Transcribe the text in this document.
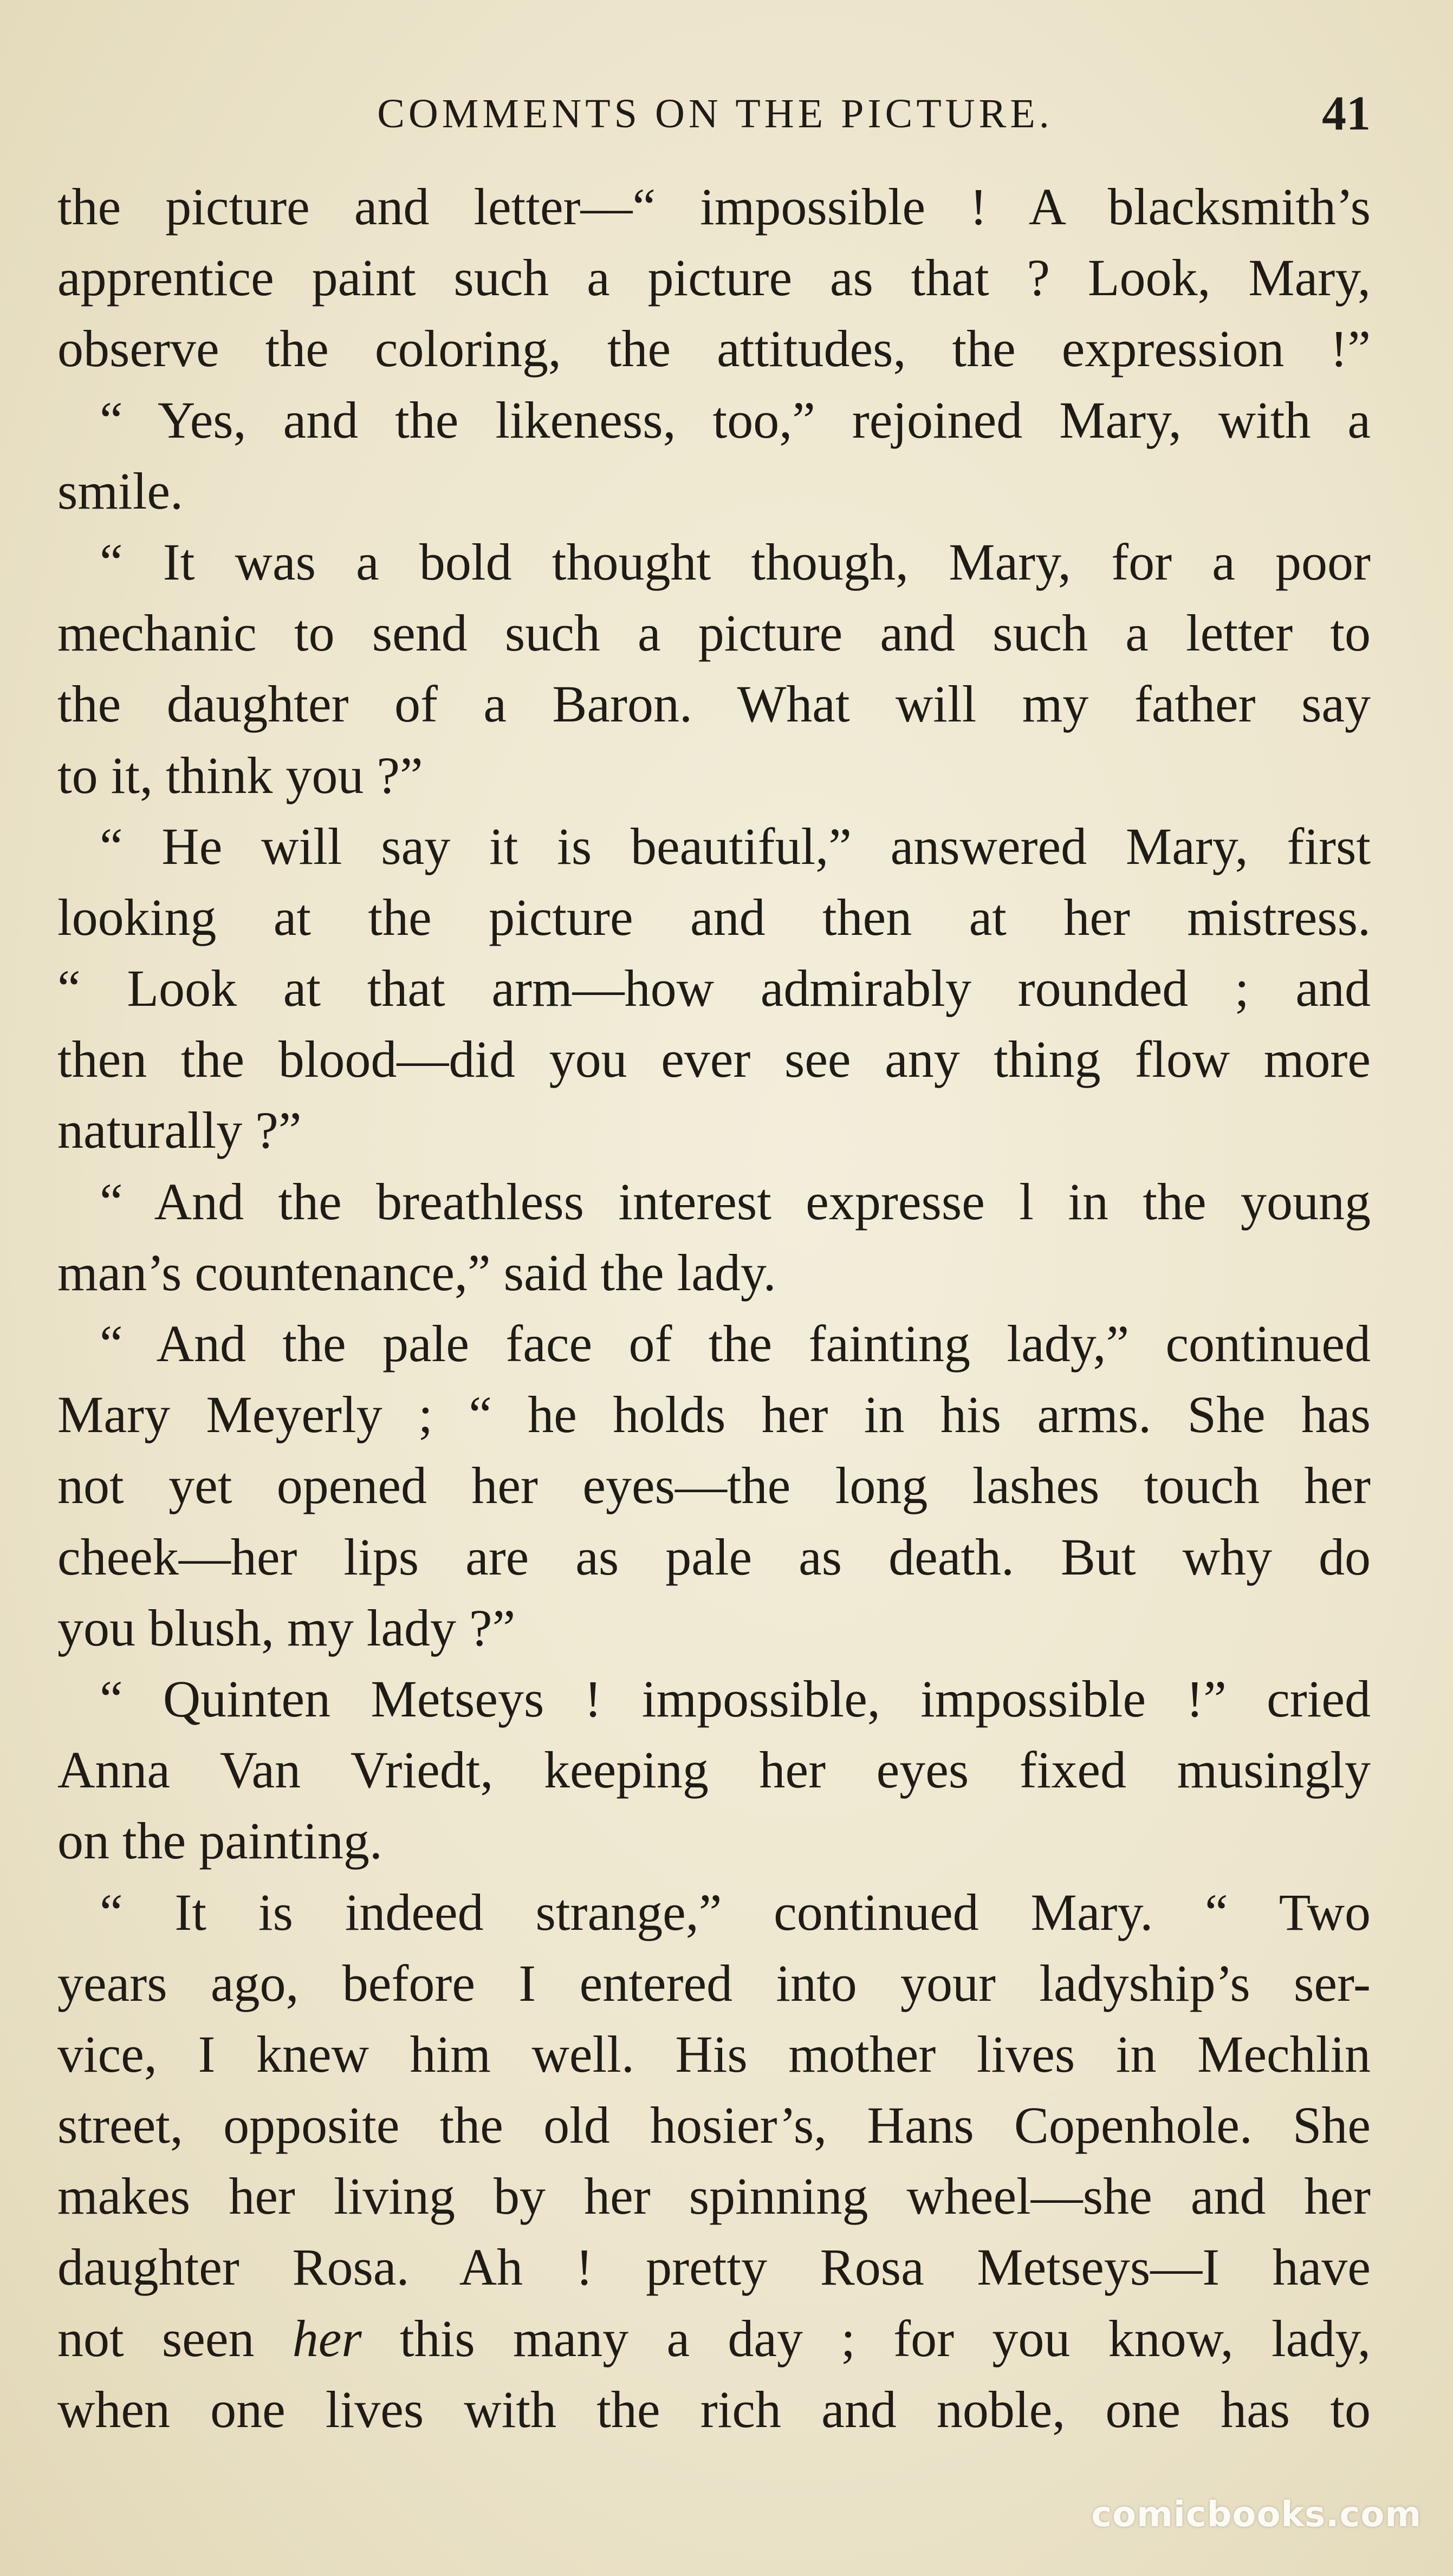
COMMENTS ON THE PICTURE.	41
the picture and letter—“ impossible ! A blacksmith’s
apprentice paint such a picture as that ? Look, Mary,
observe the coloring, the attitudes, the expression !”
“ Yes, and the likeness, too,” rejoined Mary, with a
smile.
“ It was a bold thought though, Mary, for a poor
mechanic to send such a picture and such a letter to
the daughter of a Baron. What will my father say
to it, think you ?”
“ He will say it is beautiful,” answered Mary, first
looking at the picture and then at her mistress.
“ Look at that arm—how admirably rounded ; and
then the blood—did you ever see any thing flow more
naturally ?”
“ And the breathless interest expresse l in the young
man’s countenance,” said the lady.
“ And the pale face of the fainting lady,” continued
Mary Meyerly ; “ he holds her in his arms. She has
not yet opened her eyes—the long lashes touch her
cheek—her lips are as pale as death. But why do
you blush, my lady ?”
“ Quinten Metseys ! impossible, impossible !” cried
Anna Van Vriedt, keeping her eyes fixed musingly
on the painting.
“ It is indeed strange,” continued Mary. “ Two
years ago, before I entered into your ladyship’s ser-
vice, I knew him well. His mother lives in Mechlin
street, opposite the old hosier’s, Hans Copenhole. She
makes her living by her spinning wheel—she and her
daughter Rosa. Ah ! pretty Rosa Metseys—I have
not seen her this many a day ; for you know, lady,
when one lives with the rich and noble, one has to
comicbooks.com
